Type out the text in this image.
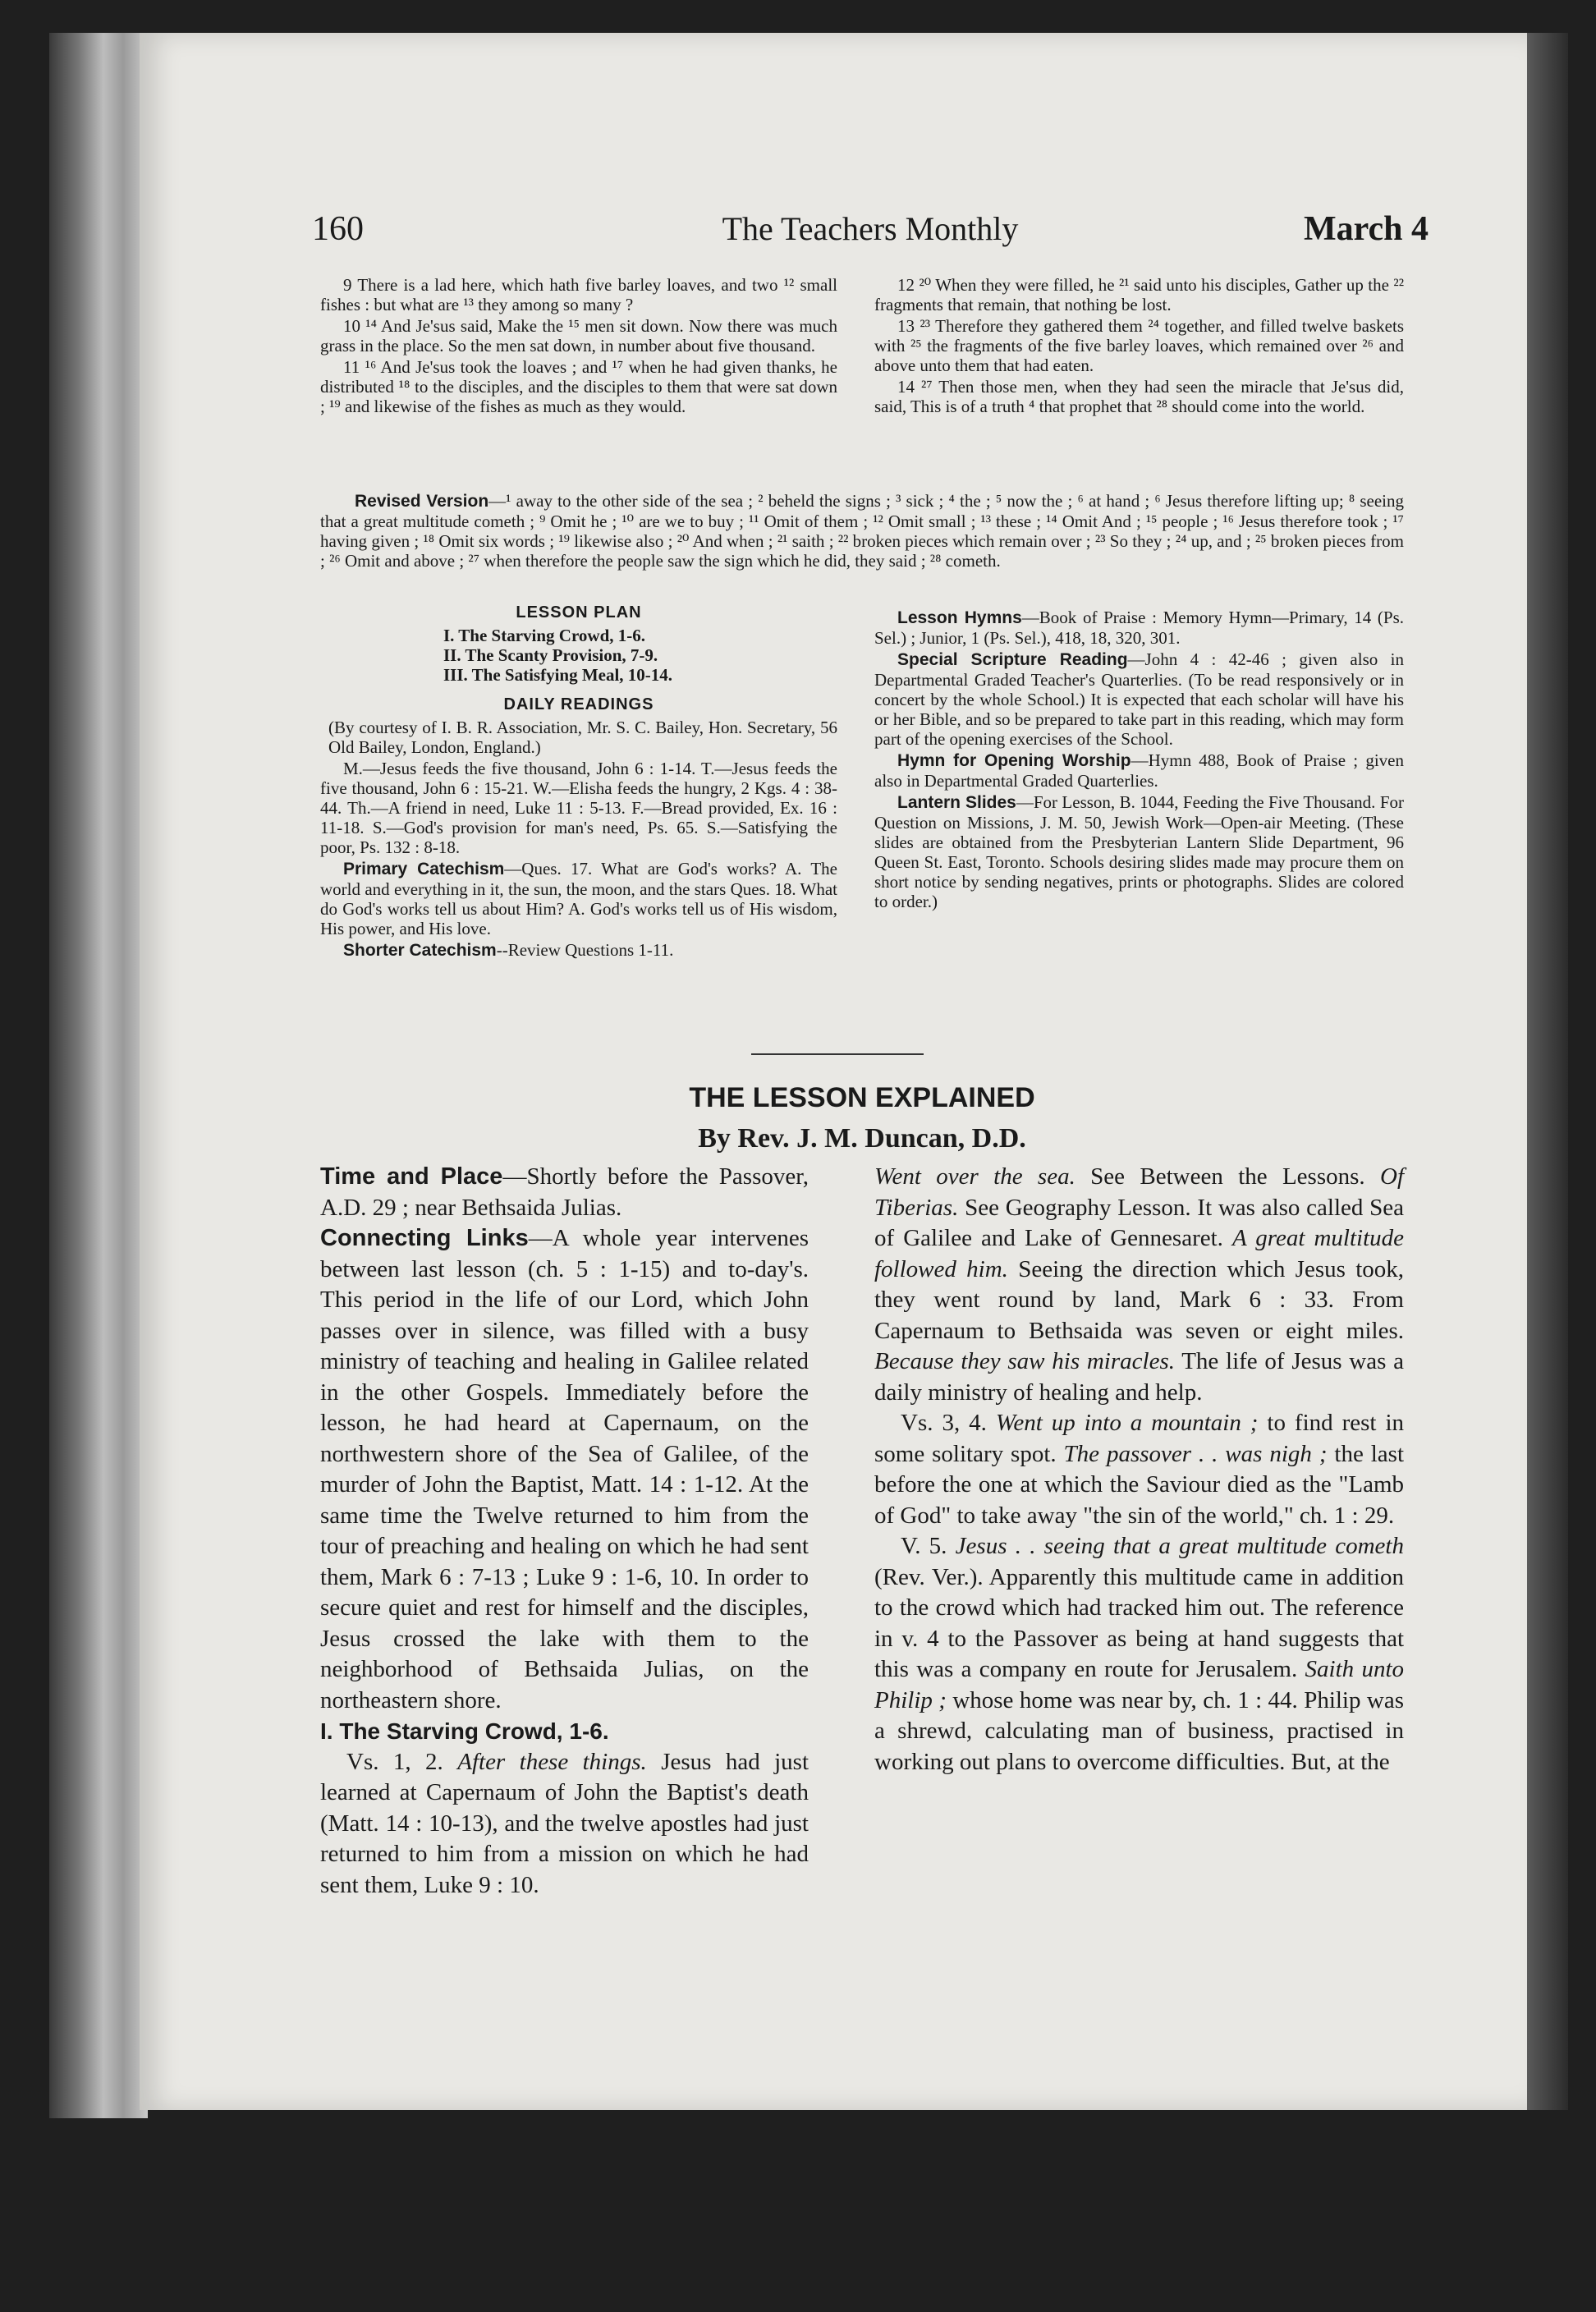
160	The Teachers Monthly	March 4

9 There is a lad here, which hath five barley loaves, and two ¹² small fishes : but what are ¹³ they among so many ?

10 ¹⁴ And Je'sus said, Make the ¹⁵ men sit down. Now there was much grass in the place. So the men sat down, in number about five thousand.

11 ¹⁶ And Je'sus took the loaves ; and ¹⁷ when he had given thanks, he distributed ¹⁸ to the disciples, and the disciples to them that were sat down ; ¹⁹ and likewise of the fishes as much as they would.

12 ²⁰ When they were filled, he ²¹ said unto his disciples, Gather up the ²² fragments that remain, that nothing be lost.

13 ²³ Therefore they gathered them ²⁴ together, and filled twelve baskets with ²⁵ the fragments of the five barley loaves, which remained over ²⁶ and above unto them that had eaten.

14 ²⁷ Then those men, when they had seen the miracle that Je'sus did, said, This is of a truth ⁴ that prophet that ²⁸ should come into the world.

Revised Version—¹ away to the other side of the sea ; ² beheld the signs ; ³ sick ; ⁴ the ; ⁵ now the ; ⁶ at hand ; ⁶ Jesus therefore lifting up; ⁸ seeing that a great multitude cometh ; ⁹ Omit he ; ¹⁰ are we to buy ; ¹¹ Omit of them ; ¹² Omit small ; ¹³ these ; ¹⁴ Omit And ; ¹⁵ people ; ¹⁶ Jesus therefore took ; ¹⁷ having given ; ¹⁸ Omit six words ; ¹⁹ likewise also ; ²⁰ And when ; ²¹ saith ; ²² broken pieces which remain over ; ²³ So they ; ²⁴ up, and ; ²⁵ broken pieces from ; ²⁶ Omit and above ; ²⁷ when therefore the people saw the sign which he did, they said ; ²⁸ cometh.

LESSON PLAN
I. The Starving Crowd, 1-6.
II. The Scanty Provision, 7-9.
III. The Satisfying Meal, 10-14.
DAILY READINGS

(By courtesy of I. B. R. Association, Mr. S. C. Bailey, Hon. Secretary, 56 Old Bailey, London, England.)

M.—Jesus feeds the five thousand, John 6 : 1-14. T.—Jesus feeds the five thousand, John 6 : 15-21. W.—Elisha feeds the hungry, 2 Kgs. 4 : 38-44. Th.—A friend in need, Luke 11 : 5-13. F.—Bread provided, Ex. 16 : 11-18. S.—God's provision for man's need, Ps. 65. S.—Satisfying the poor, Ps. 132 : 8-18.

Primary Catechism—Ques. 17. What are God's works? A. The world and everything in it, the sun, the moon, and the stars Ques. 18. What do God's works tell us about Him? A. God's works tell us of His wisdom, His power, and His love.

Shorter Catechism--Review Questions 1-11.

Lesson Hymns—Book of Praise : Memory Hymn—Primary, 14 (Ps. Sel.) ; Junior, 1 (Ps. Sel.), 418, 18, 320, 301.

Special Scripture Reading—John 4 : 42-46 ; given also in Departmental Graded Teacher's Quarterlies. (To be read responsively or in concert by the whole School.) It is expected that each scholar will have his or her Bible, and so be prepared to take part in this reading, which may form part of the opening exercises of the School.

Hymn for Opening Worship—Hymn 488, Book of Praise ; given also in Departmental Graded Quarterlies.

Lantern Slides—For Lesson, B. 1044, Feeding the Five Thousand. For Question on Missions, J. M. 50, Jewish Work—Open-air Meeting. (These slides are obtained from the Presbyterian Lantern Slide Department, 96 Queen St. East, Toronto. Schools desiring slides made may procure them on short notice by sending negatives, prints or photographs. Slides are colored to order.)

THE LESSON EXPLAINED
By Rev. J. M. Duncan, D.D.

Time and Place—Shortly before the Passover, A.D. 29 ; near Bethsaida Julias.

Connecting Links—A whole year intervenes between last lesson (ch. 5 : 1-15) and to-day's. This period in the life of our Lord, which John passes over in silence, was filled with a busy ministry of teaching and healing in Galilee related in the other Gospels. Immediately before the lesson, he had heard at Capernaum, on the northwestern shore of the Sea of Galilee, of the murder of John the Baptist, Matt. 14 : 1-12. At the same time the Twelve returned to him from the tour of preaching and healing on which he had sent them, Mark 6 : 7-13 ; Luke 9 : 1-6, 10. In order to secure quiet and rest for himself and the disciples, Jesus crossed the lake with them to the neighborhood of Bethsaida Julias, on the northeastern shore.

I. The Starving Crowd, 1-6.

Vs. 1, 2. After these things. Jesus had just learned at Capernaum of John the Baptist's death (Matt. 14 : 10-13), and the twelve apostles had just returned to him from a mission on which he had sent them, Luke 9 : 10.

Went over the sea. See Between the Lessons. Of Tiberias. See Geography Lesson. It was also called Sea of Galilee and Lake of Gennesaret. A great multitude followed him. Seeing the direction which Jesus took, they went round by land, Mark 6 : 33. From Capernaum to Bethsaida was seven or eight miles. Because they saw his miracles. The life of Jesus was a daily ministry of healing and help.

Vs. 3, 4. Went up into a mountain ; to find rest in some solitary spot. The passover . . was nigh ; the last before the one at which the Saviour died as the "Lamb of God" to take away "the sin of the world," ch. 1 : 29.

V. 5. Jesus . . seeing that a great multitude cometh (Rev. Ver.). Apparently this multitude came in addition to the crowd which had tracked him out. The reference in v. 4 to the Passover as being at hand suggests that this was a company en route for Jerusalem. Saith unto Philip ; whose home was near by, ch. 1 : 44. Philip was a shrewd, calculating man of business, practised in working out plans to overcome difficulties. But, at the
